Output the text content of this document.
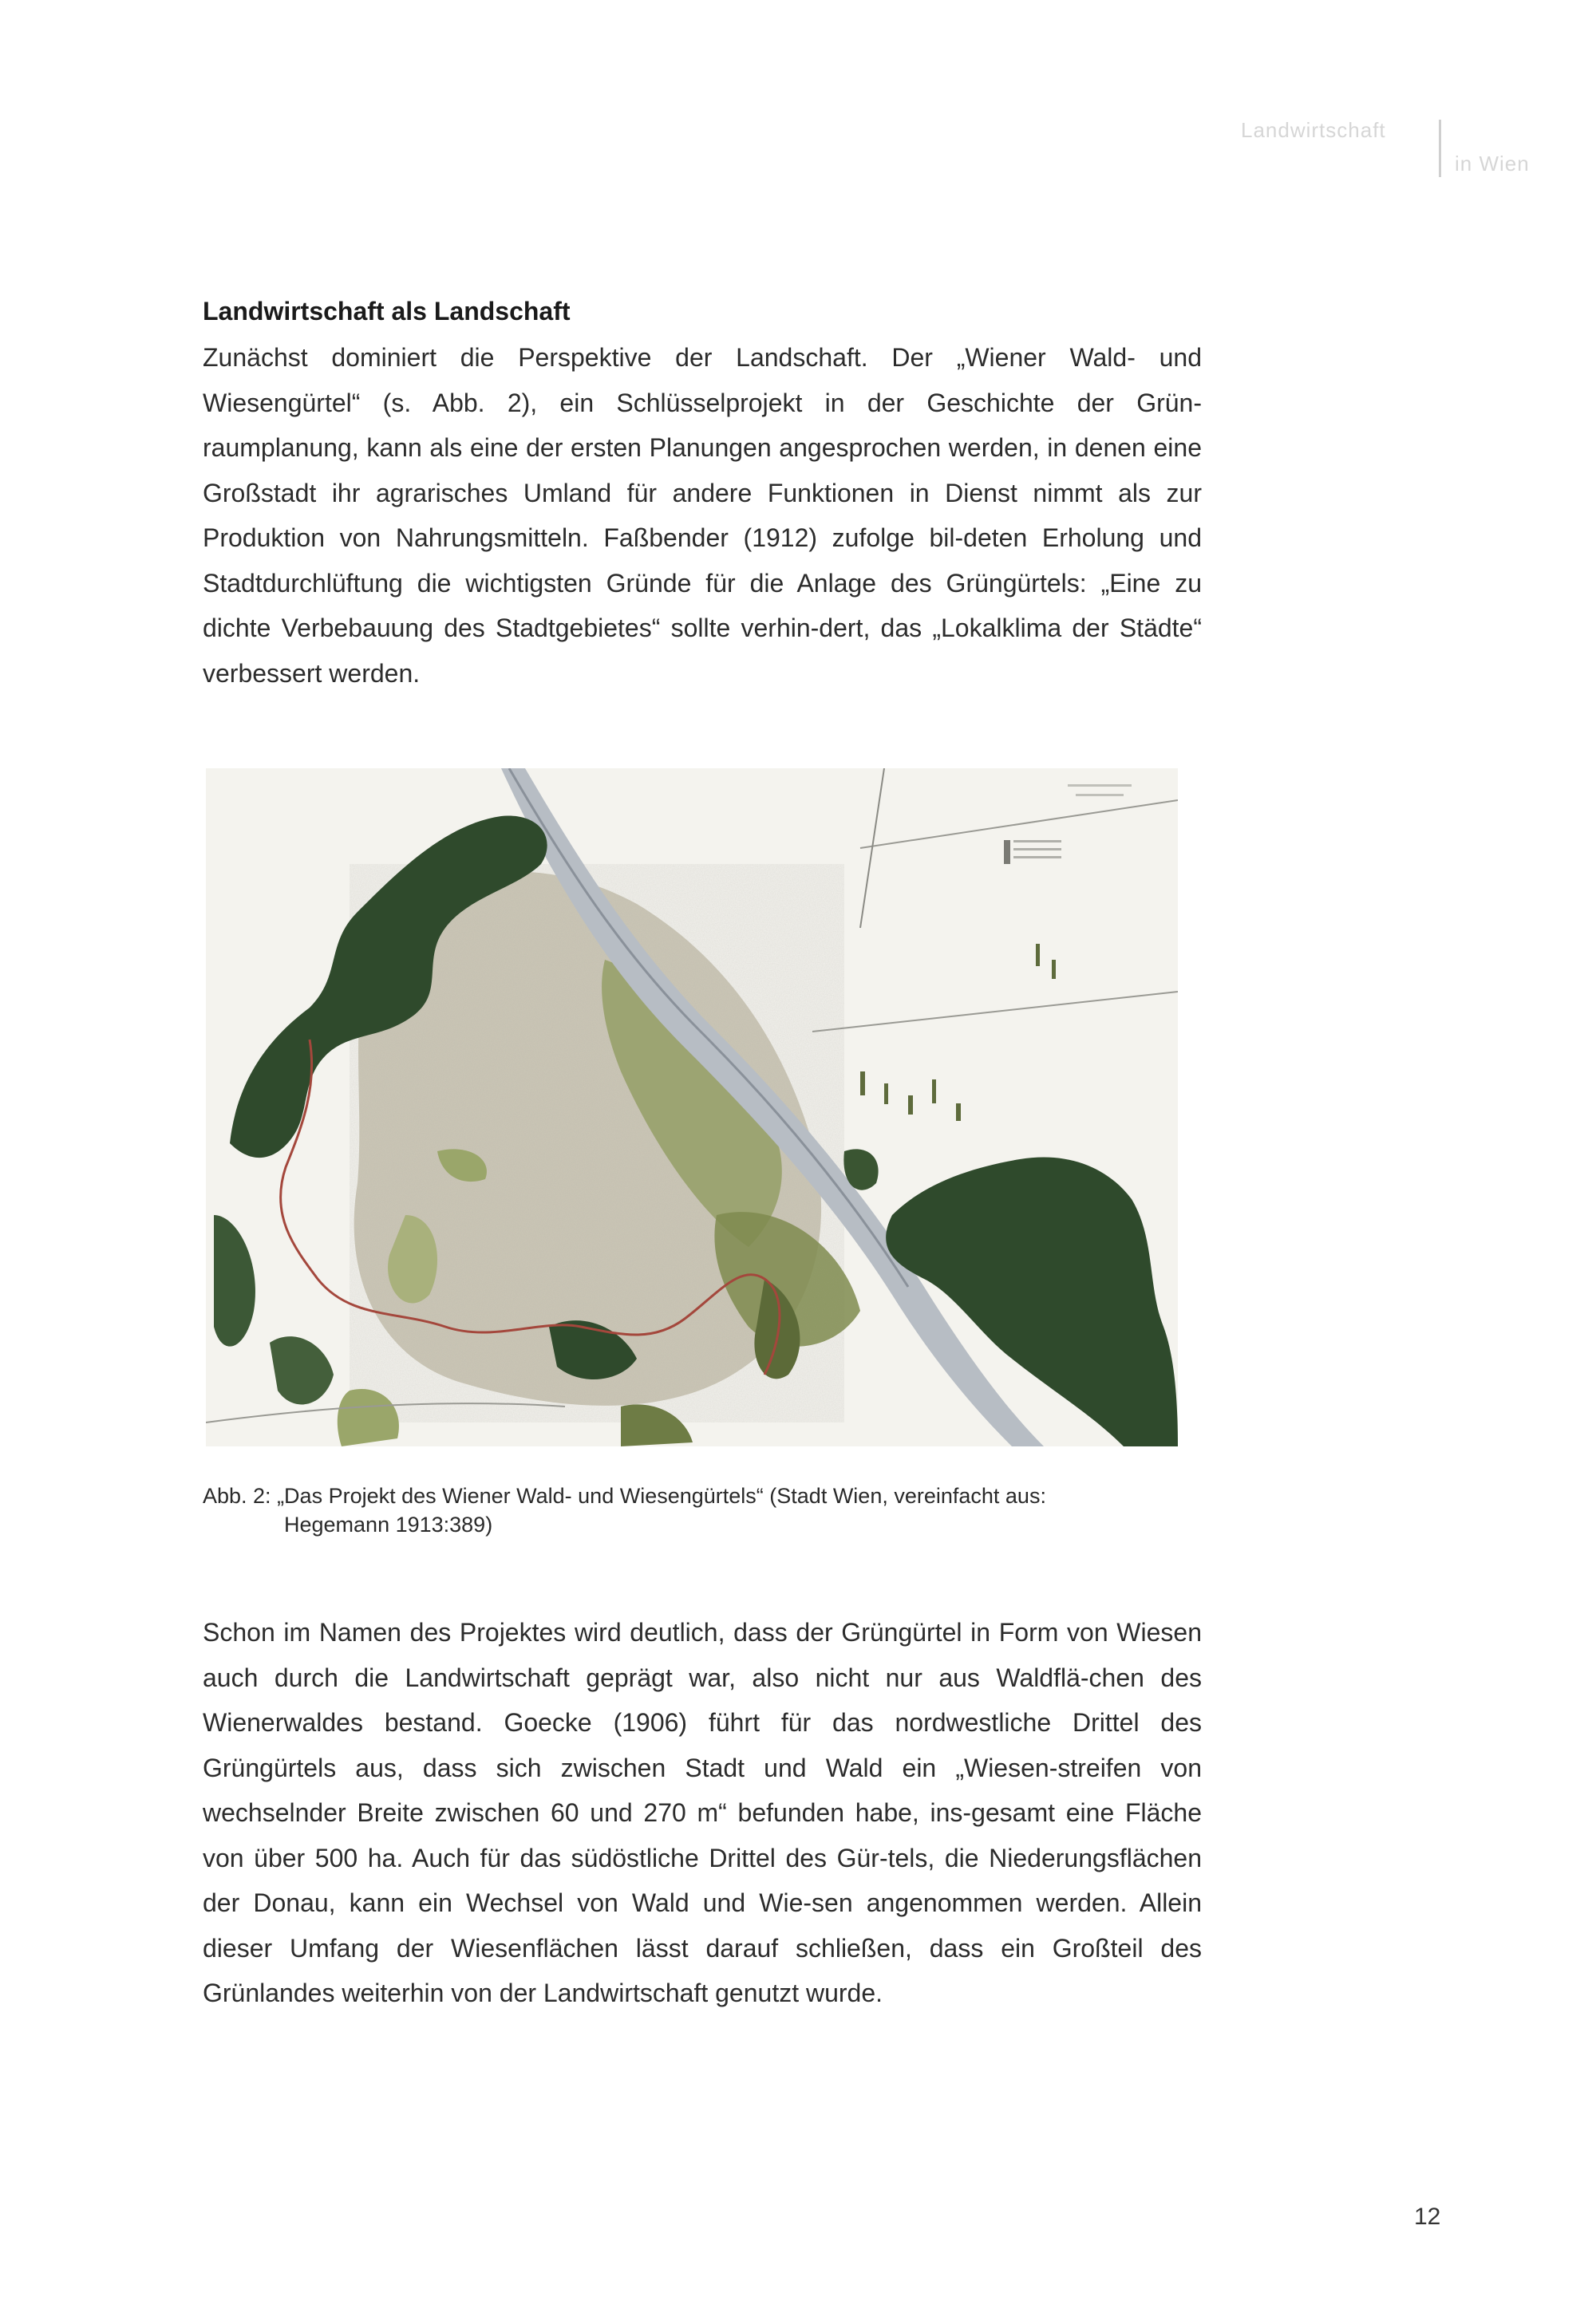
Landwirtschaft
in Wien
Landwirtschaft als Landschaft
Zunächst dominiert die Perspektive der Landschaft. Der „Wiener Wald- und Wiesengürtel“ (s. Abb. 2), ein Schlüsselprojekt in der Geschichte der Grün-raumplanung, kann als eine der ersten Planungen angesprochen werden, in denen eine Großstadt ihr agrarisches Umland für andere Funktionen in Dienst nimmt als zur Produktion von Nahrungsmitteln. Faßbender (1912) zufolge bil-deten Erholung und Stadtdurchlüftung die wichtigsten Gründe für die Anlage des Grüngürtels: „Eine zu dichte Verbebauung des Stadtgebietes“ sollte verhin-dert, das „Lokalklima der Städte“ verbessert werden.
Abb. 2: „Das Projekt des Wiener Wald- und Wiesengürtels“ (Stadt Wien, vereinfacht aus:
Hegemann 1913:389)
Schon im Namen des Projektes wird deutlich, dass der Grüngürtel in Form von Wiesen auch durch die Landwirtschaft geprägt war, also nicht nur aus Waldflä-chen des Wienerwaldes bestand. Goecke (1906) führt für das nordwestliche Drittel des Grüngürtels aus, dass sich zwischen Stadt und Wald ein „Wiesen-streifen von wechselnder Breite zwischen 60 und 270 m“ befunden habe, ins-gesamt eine Fläche von über 500 ha. Auch für das südöstliche Drittel des Gür-tels, die Niederungsflächen der Donau, kann ein Wechsel von Wald und Wie-sen angenommen werden. Allein dieser Umfang der Wiesenflächen lässt darauf schließen, dass ein Großteil des Grünlandes weiterhin von der Landwirtschaft genutzt wurde.
12
